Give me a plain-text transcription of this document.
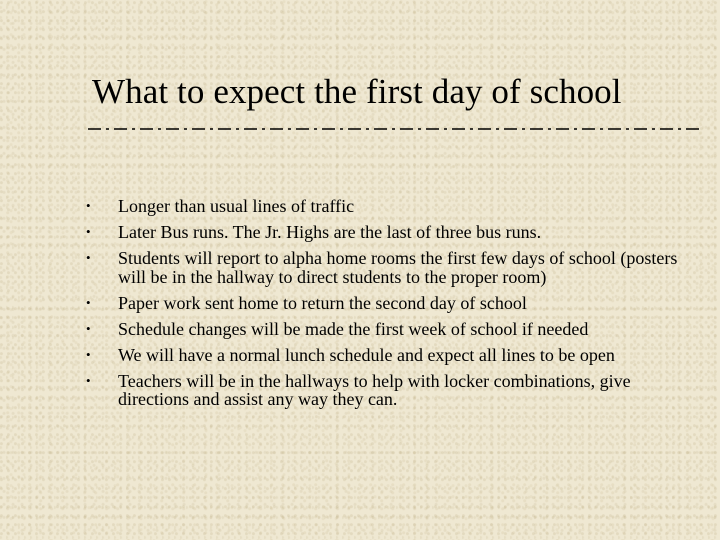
What to expect the first day of school
•	Longer than usual lines of traffic
•	Later Bus runs. The Jr. Highs are the last of three bus runs.
•	Students will report to alpha home rooms the first few days of school (posters will be in the hallway to direct students to the proper room)
•	Paper work sent home to return the second day of school
•	Schedule changes will be made the first week of school if needed
•	We will have a normal lunch schedule and expect all lines to be open
•	Teachers will be in the hallways to help with locker combinations, give directions and assist any way they can.
